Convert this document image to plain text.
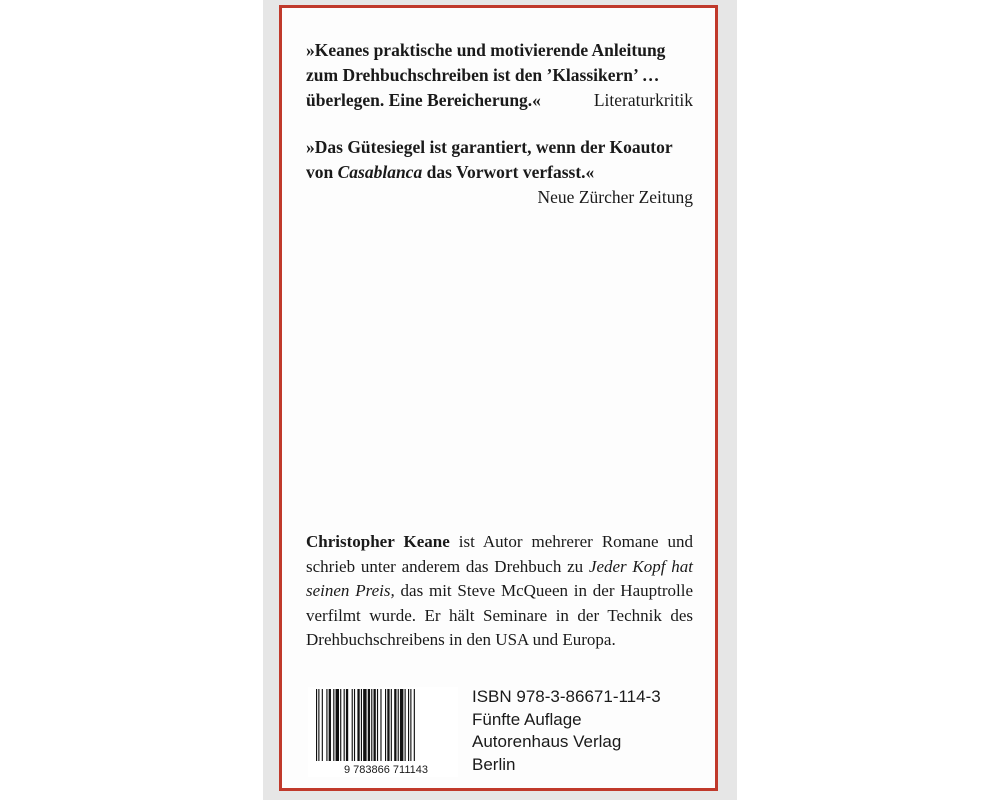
»Keanes praktische und motivierende Anleitung
zum Drehbuchschreiben ist den ’Klassikern’ …
überlegen. Eine Bereicherung.«	Literaturkritik
»Das Gütesiegel ist garantiert, wenn der Koautor
von Casablanca das Vorwort verfasst.«
Neue Zürcher Zeitung
Christopher Keane ist Autor mehrerer Romane und schrieb unter anderem das Drehbuch zu Jeder Kopf hat seinen Preis, das mit Steve McQueen in der Hauptrolle verfilmt wurde. Er hält Seminare in der Technik des Drehbuchschreibens in den USA und Europa.
9 783866 711143
ISBN 978-3-86671-114-3
Fünfte Auflage
Autorenhaus Verlag
Berlin
